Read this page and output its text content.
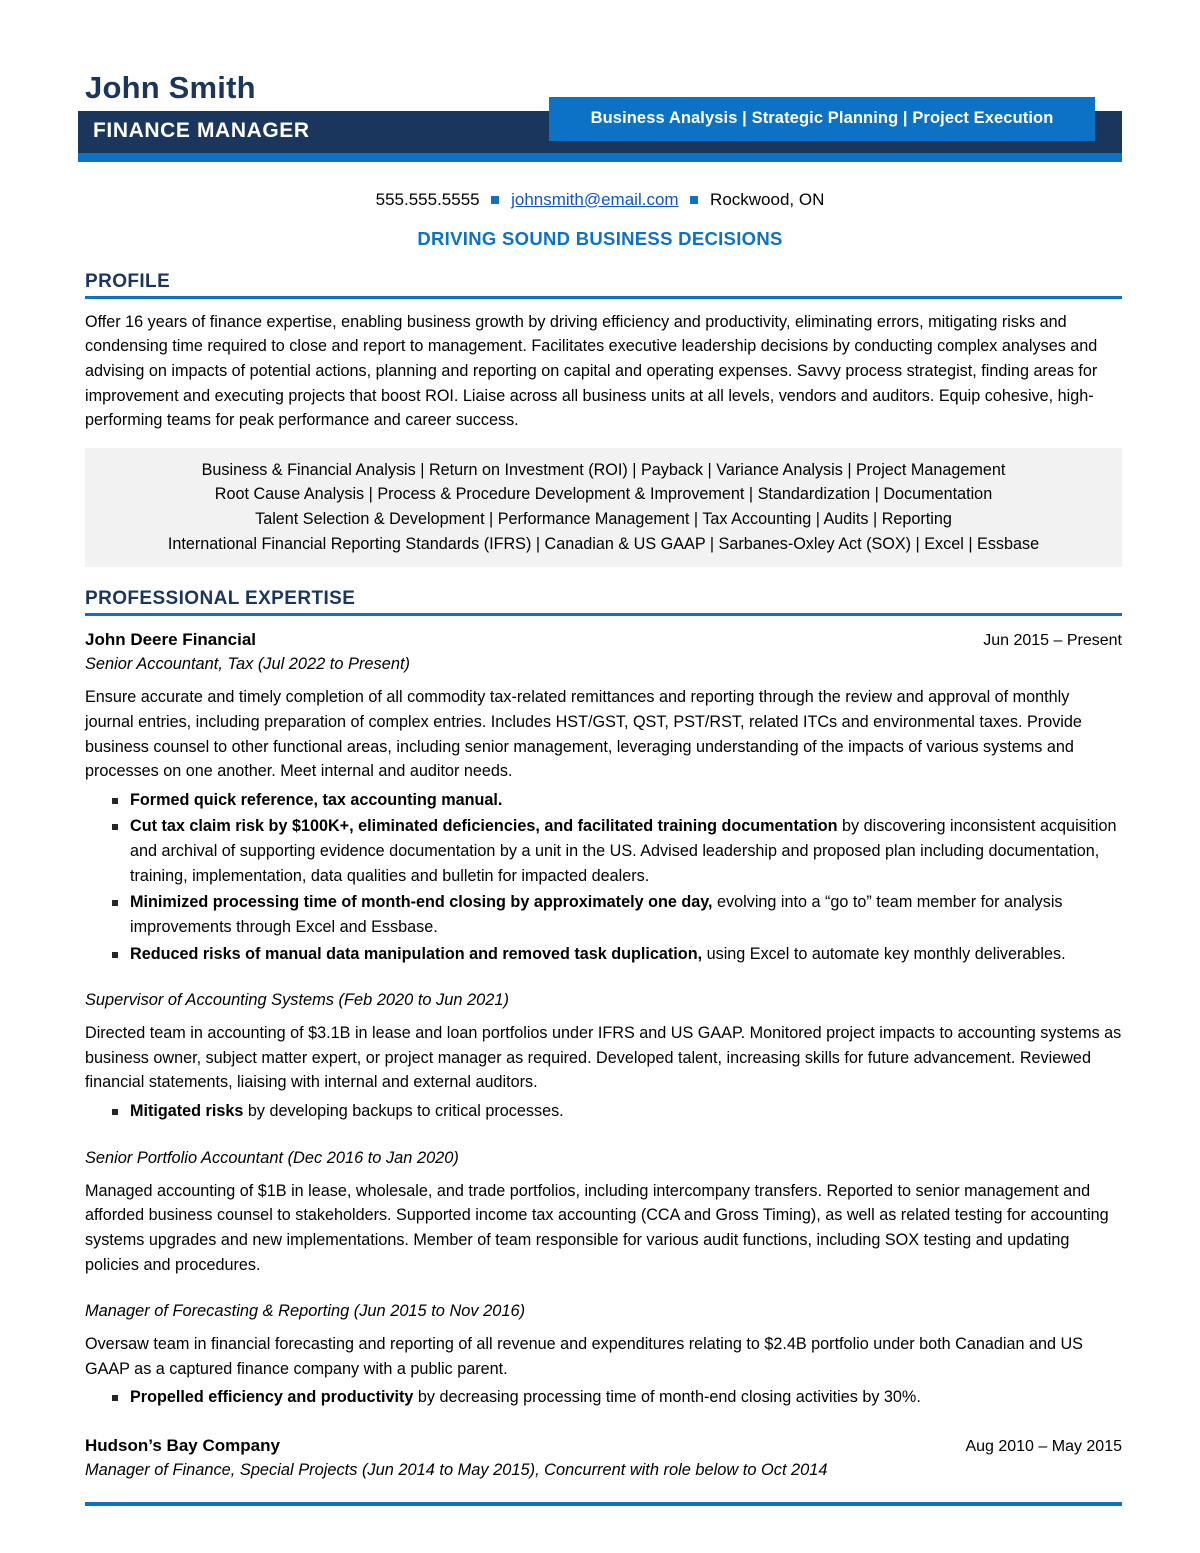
John Smith
FINANCE MANAGER
Business Analysis | Strategic Planning | Project Execution
555.555.5555 johnsmith@email.com Rockwood, ON
DRIVING SOUND BUSINESS DECISIONS
PROFILE
Offer 16 years of finance expertise, enabling business growth by driving efficiency and productivity, eliminating errors, mitigating risks and condensing time required to close and report to management. Facilitates executive leadership decisions by conducting complex analyses and advising on impacts of potential actions, planning and reporting on capital and operating expenses. Savvy process strategist, finding areas for improvement and executing projects that boost ROI. Liaise across all business units at all levels, vendors and auditors. Equip cohesive, high-performing teams for peak performance and career success.
Business & Financial Analysis | Return on Investment (ROI) | Payback | Variance Analysis | Project Management
Root Cause Analysis | Process & Procedure Development & Improvement | Standardization | Documentation
Talent Selection & Development | Performance Management | Tax Accounting | Audits | Reporting
International Financial Reporting Standards (IFRS) | Canadian & US GAAP | Sarbanes-Oxley Act (SOX) | Excel | Essbase
PROFESSIONAL EXPERTISE
John Deere Financial	Jun 2015 – Present
Senior Accountant, Tax (Jul 2022 to Present)
Ensure accurate and timely completion of all commodity tax-related remittances and reporting through the review and approval of monthly journal entries, including preparation of complex entries. Includes HST/GST, QST, PST/RST, related ITCs and environmental taxes. Provide business counsel to other functional areas, including senior management, leveraging understanding of the impacts of various systems and processes on one another. Meet internal and auditor needs.
Formed quick reference, tax accounting manual.
Cut tax claim risk by $100K+, eliminated deficiencies, and facilitated training documentation by discovering inconsistent acquisition and archival of supporting evidence documentation by a unit in the US. Advised leadership and proposed plan including documentation, training, implementation, data qualities and bulletin for impacted dealers.
Minimized processing time of month-end closing by approximately one day, evolving into a “go to” team member for analysis improvements through Excel and Essbase.
Reduced risks of manual data manipulation and removed task duplication, using Excel to automate key monthly deliverables.
Supervisor of Accounting Systems (Feb 2020 to Jun 2021)
Directed team in accounting of $3.1B in lease and loan portfolios under IFRS and US GAAP. Monitored project impacts to accounting systems as business owner, subject matter expert, or project manager as required. Developed talent, increasing skills for future advancement. Reviewed financial statements, liaising with internal and external auditors.
Mitigated risks by developing backups to critical processes.
Senior Portfolio Accountant (Dec 2016 to Jan 2020)
Managed accounting of $1B in lease, wholesale, and trade portfolios, including intercompany transfers. Reported to senior management and afforded business counsel to stakeholders. Supported income tax accounting (CCA and Gross Timing), as well as related testing for accounting systems upgrades and new implementations. Member of team responsible for various audit functions, including SOX testing and updating policies and procedures.
Manager of Forecasting & Reporting (Jun 2015 to Nov 2016)
Oversaw team in financial forecasting and reporting of all revenue and expenditures relating to $2.4B portfolio under both Canadian and US GAAP as a captured finance company with a public parent.
Propelled efficiency and productivity by decreasing processing time of month-end closing activities by 30%.
Hudson’s Bay Company	Aug 2010 – May 2015
Manager of Finance, Special Projects (Jun 2014 to May 2015), Concurrent with role below to Oct 2014
